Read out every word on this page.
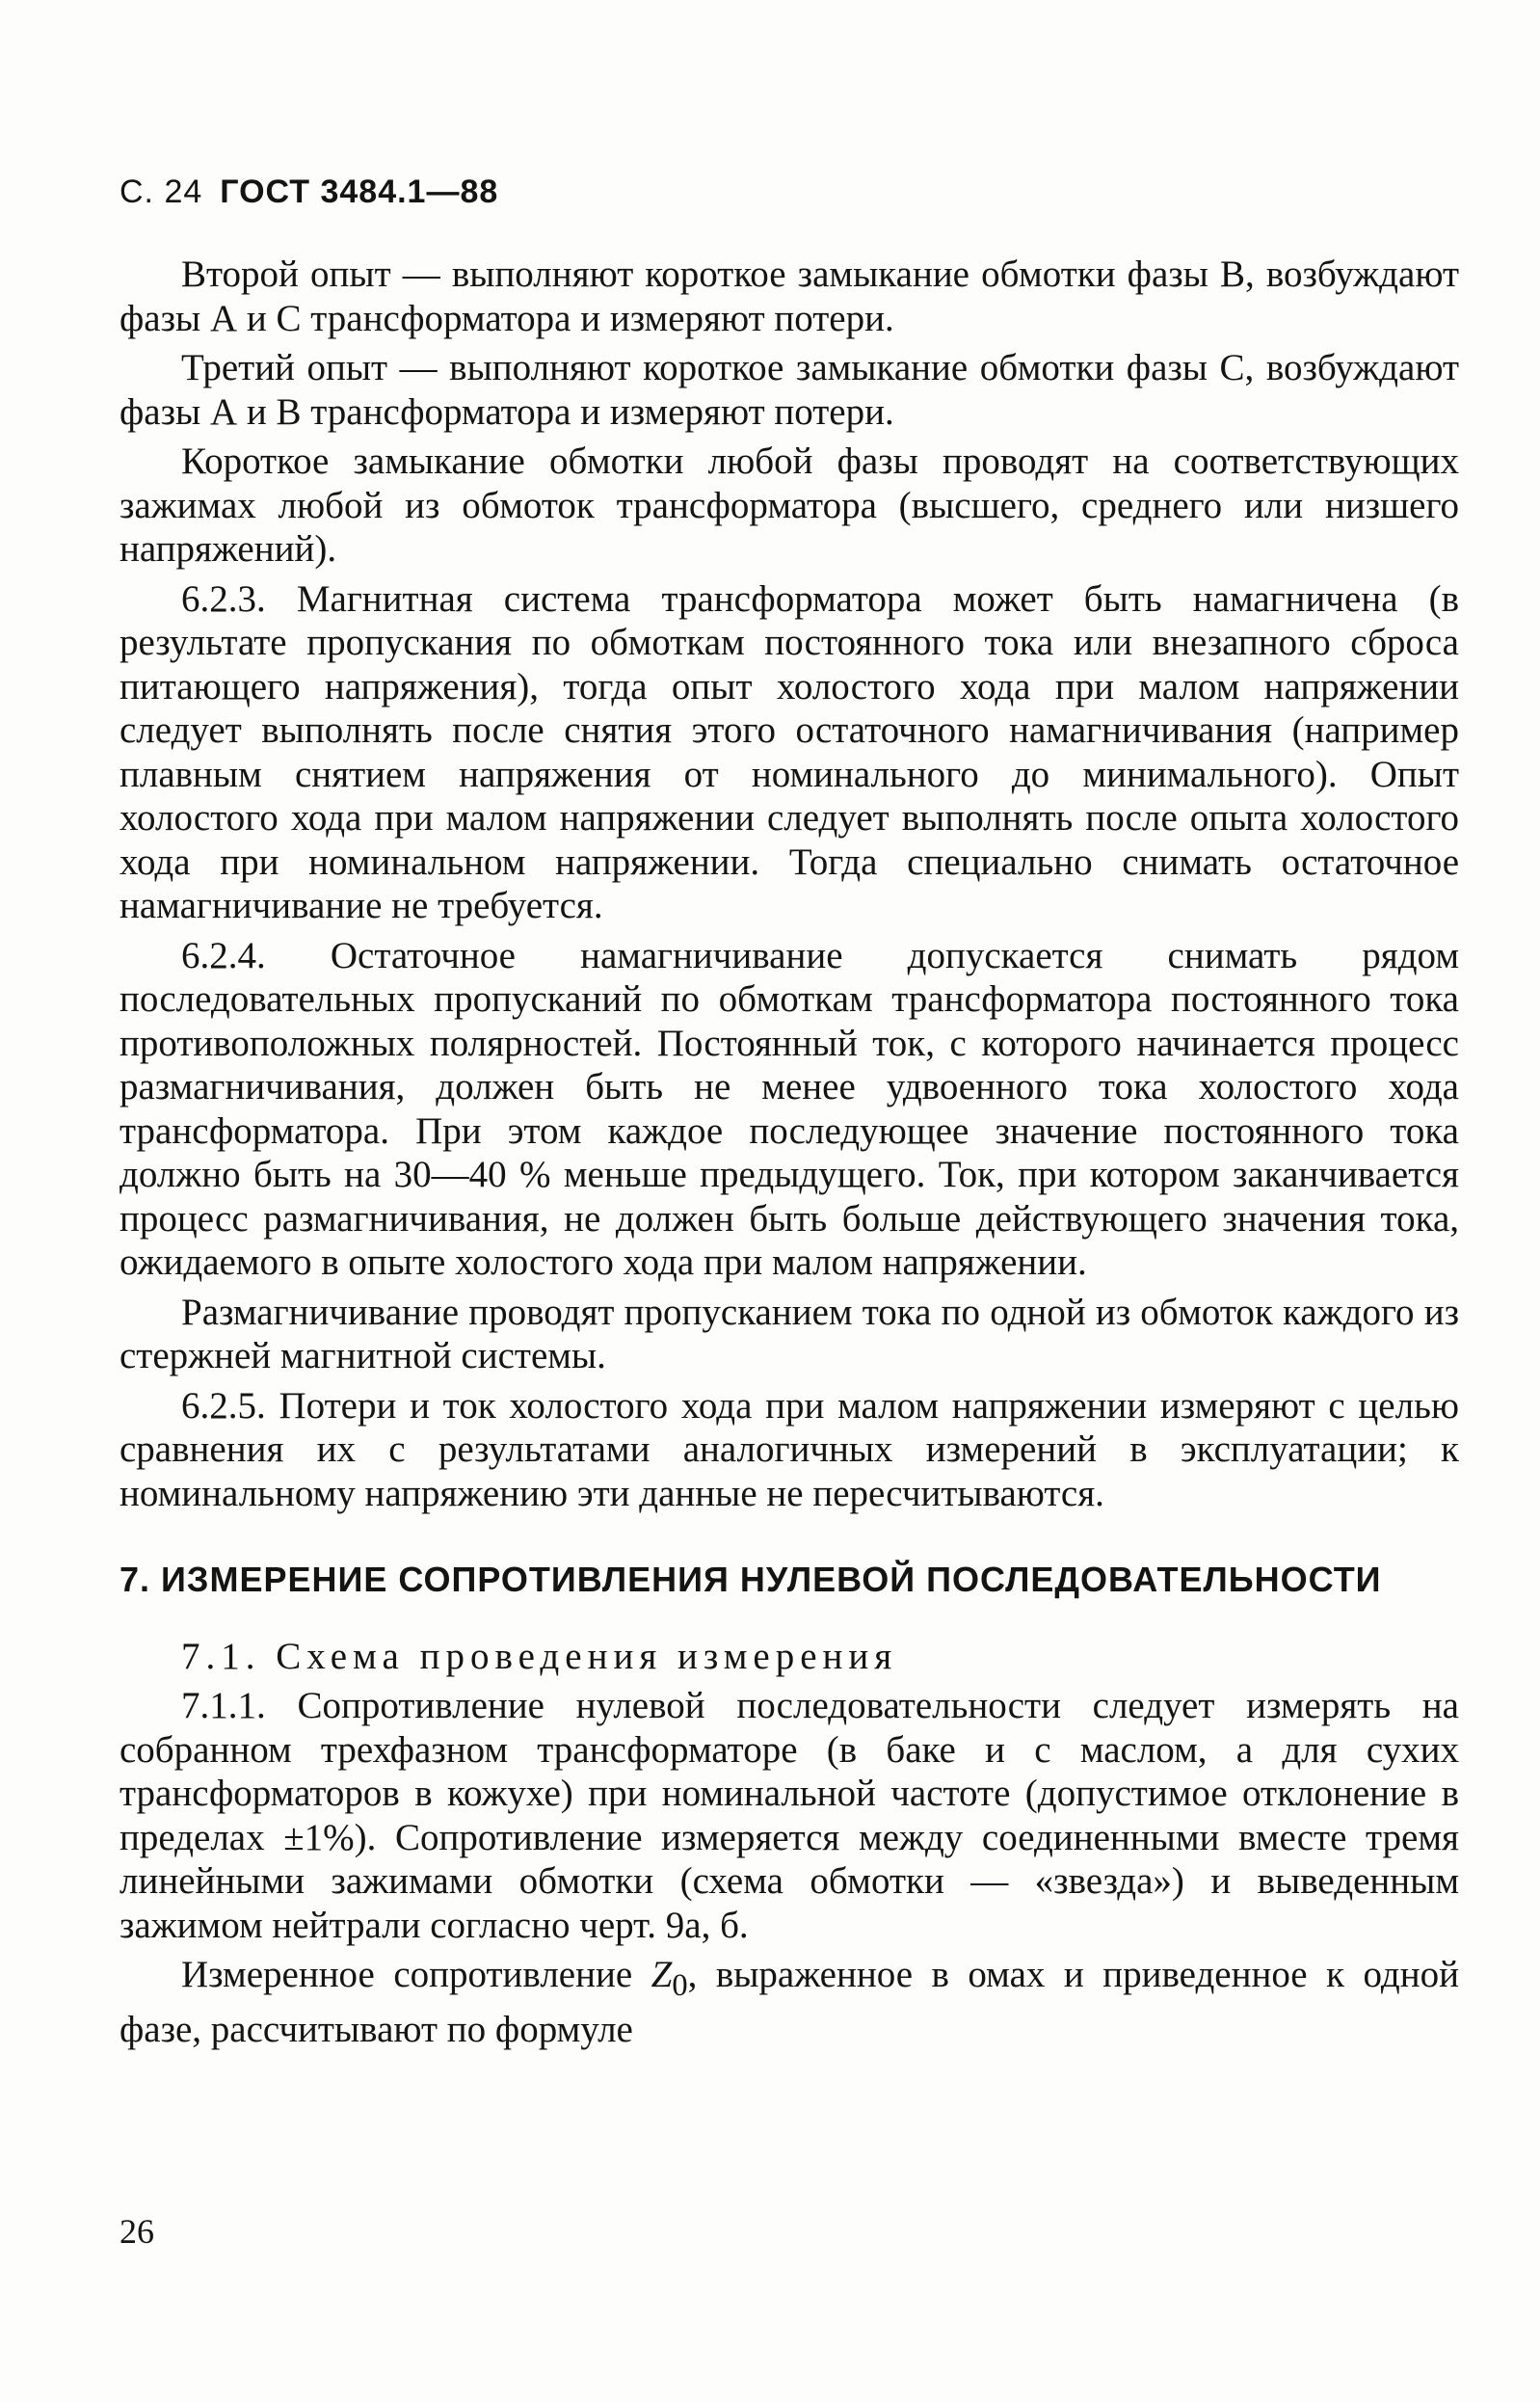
С. 24 ГОСТ 3484.1—88

Второй опыт — выполняют короткое замыкание обмотки фазы В, возбуждают фазы А и С трансформатора и измеряют потери.

Третий опыт — выполняют короткое замыкание обмотки фазы С, возбуждают фазы А и В трансформатора и измеряют потери.

Короткое замыкание обмотки любой фазы проводят на соответствующих зажимах любой из обмоток трансформатора (высшего, среднего или низшего напряжений).

6.2.3. Магнитная система трансформатора может быть намагничена (в результате пропускания по обмоткам постоянного тока или внезапного сброса питающего напряжения), тогда опыт холостого хода при малом напряжении следует выполнять после снятия этого остаточного намагничивания (например плавным снятием напряжения от номинального до минимального). Опыт холостого хода при малом напряжении следует выполнять после опыта холостого хода при номинальном напряжении. Тогда специально снимать остаточное намагничивание не требуется.

6.2.4. Остаточное намагничивание допускается снимать рядом последовательных пропусканий по обмоткам трансформатора постоянного тока противоположных полярностей. Постоянный ток, с которого начинается процесс размагничивания, должен быть не менее удвоенного тока холостого хода трансформатора. При этом каждое последующее значение постоянного тока должно быть на 30—40 % меньше предыдущего. Ток, при котором заканчивается процесс размагничивания, не должен быть больше действующего значения тока, ожидаемого в опыте холостого хода при малом напряжении.

Размагничивание проводят пропусканием тока по одной из обмоток каждого из стержней магнитной системы.

6.2.5. Потери и ток холостого хода при малом напряжении измеряют с целью сравнения их с результатами аналогичных измерений в эксплуатации; к номинальному напряжению эти данные не пересчитываются.

7. ИЗМЕРЕНИЕ СОПРОТИВЛЕНИЯ НУЛЕВОЙ ПОСЛЕДОВАТЕЛЬНОСТИ

7.1. Схема проведения измерения

7.1.1. Сопротивление нулевой последовательности следует измерять на собранном трехфазном трансформаторе (в баке и с маслом, а для сухих трансформаторов в кожухе) при номинальной частоте (допустимое отклонение в пределах ±1%). Сопротивление измеряется между соединенными вместе тремя линейными зажимами обмотки (схема обмотки — «звезда») и выведенным зажимом нейтрали согласно черт. 9а, б.

Измеренное сопротивление $Z_0$, выраженное в омах и приведенное к одной фазе, рассчитывают по формуле

26
